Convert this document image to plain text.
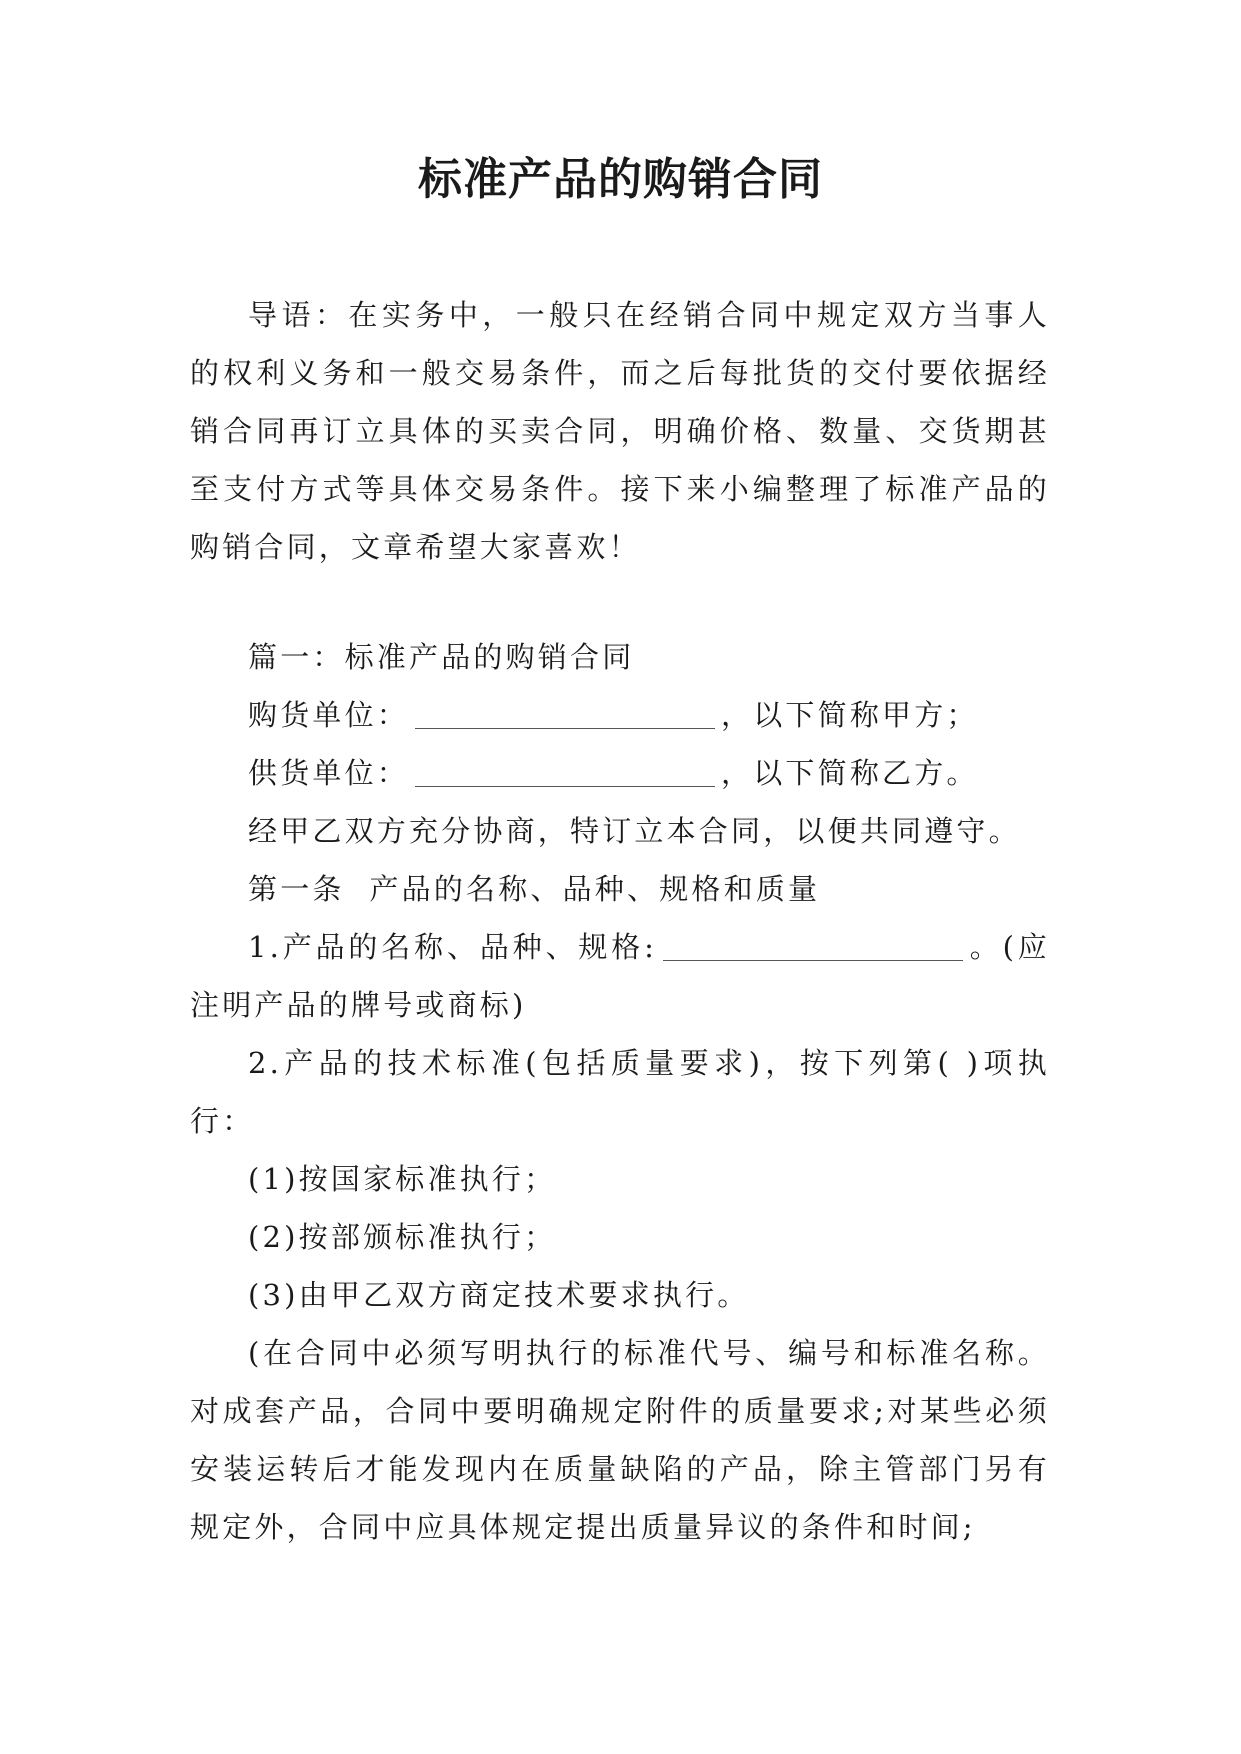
标准产品的购销合同

导语：在实务中，一般只在经销合同中规定双方当事人的权利义务和一般交易条件，而之后每批货的交付要依据经销合同再订立具体的买卖合同，明确价格、数量、交货期甚至支付方式等具体交易条件。接下来小编整理了标准产品的购销合同，文章希望大家喜欢！

篇一：标准产品的购销合同

购货单位：	，以下简称甲方；

供货单位：	，以下简称乙方。

经甲乙双方充分协商，特订立本合同，以便共同遵守。

第一条  产品的名称、品种、规格和质量

1.产品的名称、品种、规格:	。(应注明产品的牌号或商标)

2.产品的技术标准(包括质量要求)，按下列第( )项执行：

(1)按国家标准执行；

(2)按部颁标准执行；

(3)由甲乙双方商定技术要求执行。

(在合同中必须写明执行的标准代号、编号和标准名称。对成套产品，合同中要明确规定附件的质量要求;对某些必须安装运转后才能发现内在质量缺陷的产品，除主管部门另有规定外，合同中应具体规定提出质量异议的条件和时间;
